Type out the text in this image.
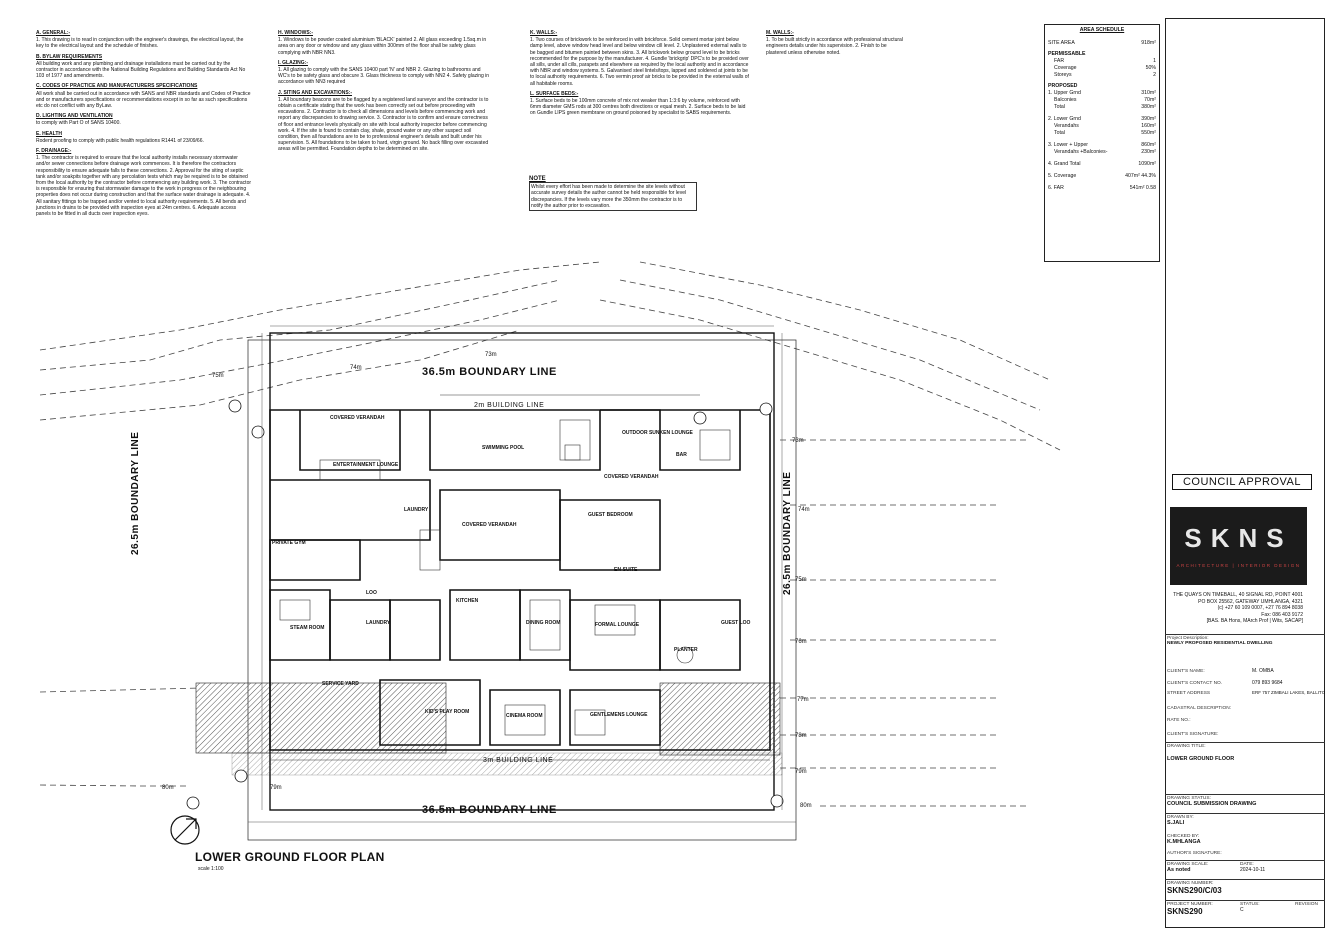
A. GENERAL:-

1. This drawing is to read in conjunction with the engineer's drawings, the electrical layout, the key to the electrical layout and the schedule of finishes.

B. BYLAW REQUIREMENTS

All building work and any plumbing and drainage installations must be carried out by the contractor in accordance with the National Building Regulations and Building Standards Act No 103 of 1977 and amendments.

C. CODES OF PRACTICE AND MANUFACTURERS SPECIFICATIONS

All work shall be carried out in accordance with SANS and NBR standards and Codes of Practice and or manufacturers specifications or recommendations except in so far as such specifications etc do not conflict with any ByLaw.

D. LIGHTING AND VENTILATION

to comply with Part O of SANS 10400.

E. HEALTH

Rodent proofing to comply with public health regulations R1441 of 23/09/66.

F. DRAINAGE:-

1. The contractor is required to ensure that the local authority installs necessary stormwater and/or sewer connections before drainage work commences. It is therefore the contractors responsibility to ensure adequate falls to these connections. 2. Approval for the siting of septic tank and/or soakpits together with any percolation tests which may be required is to be obtained from the local authority by the contractor before commencing any building work. 3. The contractor is responsible for ensuring that stormwater damage to the work in progress or the neighbouring properties does not occur during construction and that the surface water drainage is adequate. 4. All sanitary fittings to be trapped and/or vented to local authority requirements. 5. All bends and junctions in drains to be provided with inspection eyes at 24m centres. 6. Adequate access panels to be fitted in all ducts over inspection eyes.

H. WINDOWS:-

1. Windows to be powder coated aluminium 'BLACK' painted 2. All glass exceeding 1.5sq.m in area on any door or window and any glass within 300mm of the floor shall be safety glass complying with NBR NN3.

I. GLAZING:-

1. All glazing to comply with the SANS 10400 part 'N' and NBR 2. Glazing to bathrooms and WC's to be safety glass and obscure 3. Glass thickness to comply with NN2 4. Safety glazing in accordance with NN3 required

J. SITING AND EXCAVATIONS:-

1. All boundary beacons are to be flagged by a registered land surveyor and the contractor is to obtain a certificate stating that the work has been correctly set out before proceeding with excavations. 2. Contractor is to check all dimensions and levels before commencing work and report any discrepancies to drawing service. 3. Contractor is to confirm and ensure correctness of floor and entrance levels physically on site with local authority inspector before commencing work. 4. If the site is found to contain clay, shale, ground water or any other suspect soil condition, then all foundations are to be to professional engineer's details and built under his supervision. 5. All foundations to be taken to hard, virgin ground. No back filling over excavated areas will be permitted. Foundation depths to be determined on site.

K. WALLS:-

1. Two courses of brickwork to be reinforced in with brickforce. Solid cement mortar joint below damp level, above window head level and below window cill level. 2. Unplastered external walls to be bagged and bitumen painted between skins. 3. All brickwork below ground level to be bricks recommended for the purpose by the manufacturer. 4. Gundle 'brickgrip' DPC's to be provided over all sills, under all cills, parapets and elsewhere as required by the local authority and in accordance with NBR and window systems. 5. Galvanised steel lintels/tops, lapped and soldered at joints to be to local authority requirements. 6. Two vermin proof air bricks to be provided in the external walls of all habitable rooms.

L. SURFACE BEDS:-

1. Surface beds to be 100mm concrete of mix not weaker than 1:3:6 by volume, reinforced with 6mm diameter GMS rods at 300 centres both directions or equal mesh. 2. Surface beds to be laid on Gundle LIPS green membrane on ground poisoned by specialist to SABS requirements.

M. WALLS:-

1. To be built strictly in accordance with professional structural engineers details under his supervision. 2. Finish to be plastered unless otherwise noted.

NOTE
Whilst every effort has been made to determine the site levels without accurate survey details the author cannot be held responsible for level discrepancies. If the levels vary more the 350mm the contractor is to notify the author prior to excavation.
AREA SCHEDULE
SITE AREA	918m²
PERMISSABLE
FAR	1
Coverage	50%
Storeys	2
PROPOSED
1. Upper Grnd	310m²
Balconies	70m²
Total	380m²
2. Lower Grnd	390m²
Verandahs	160m²
Total	550m²
3. Lower + Upper	860m²
Verandahs +Balconies-	230m²
4. Grand Total	1090m²
5. Coverage	407m² 44.3%
6. FAR	541m² 0.58
36.5m BOUNDARY LINE
36.5m BOUNDARY LINE
26.5m BOUNDARY LINE	26.5m BOUNDARY LINE
2m BUILDING LINE
3m BUILDING LINE
COVERED VERANDAH
SWIMMING POOL
OUTDOOR SUNKEN LOUNGE
BAR
ENTERTAINMENT LOUNGE
COVERED VERANDAH
LAUNDRY
COVERED VERANDAH
GUEST BEDROOM
PRIVATE GYM
EN-SUITE
KITCHEN
FORMAL LOUNGE	GUEST LOO
PLANTER
DINING ROOM
STEAM ROOM
LOO
LAUNDRY
SERVICE YARD
KID'S PLAY ROOM
CINEMA ROOM	GENTLEMENS LOUNGE
73m
74m
75m
73m
74m
75m
76m
77m
78m
79m
80m	79m
80m
LOWER GROUND FLOOR PLAN
scale 1:100
COUNCIL APPROVAL
SKNS
ARCHITECTURE | INTERIOR DESIGN
THE QUAYS ON TIMEBALL, 40 SIGNAL RD, POINT 4001
PO BOX 25562, GATEWAY UMHLANGA, 4321
(c) +27 60 109 0007, +27 76 894 8038
Fax: 086 403 9172
[BAS. BA Hons, MArch Prof | Wits, SACAP]
Project Description:
NEWLY PROPOSED RESIDENTIAL DWELLING
CLIENT'S NAME:	M. OMBA
CLIENT'S CONTACT NO.	079 893 9684
STREET ADDRESS	ERF 757 ZIMBALI LAKES, BALLITO
CADASTRAL DESCRIPTION:
RATE NO.:
CLIENT'S SIGNATURE:
DRAWING TITLE:
LOWER GROUND FLOOR
DRAWING STATUS:
COUNCIL SUBMISSION DRAWING
DRAWN BY:
S.JALI
CHECKED BY:
K.MHLANGA
AUTHOR'S SIGNATURE:
DRAWING SCALE:
As noted
DATE:
2024-10-11
DRAWING NUMBER:
SKNS290/C/03
PROJECT NUMBER:
SKNS290
STATUS:
C
REVISION
